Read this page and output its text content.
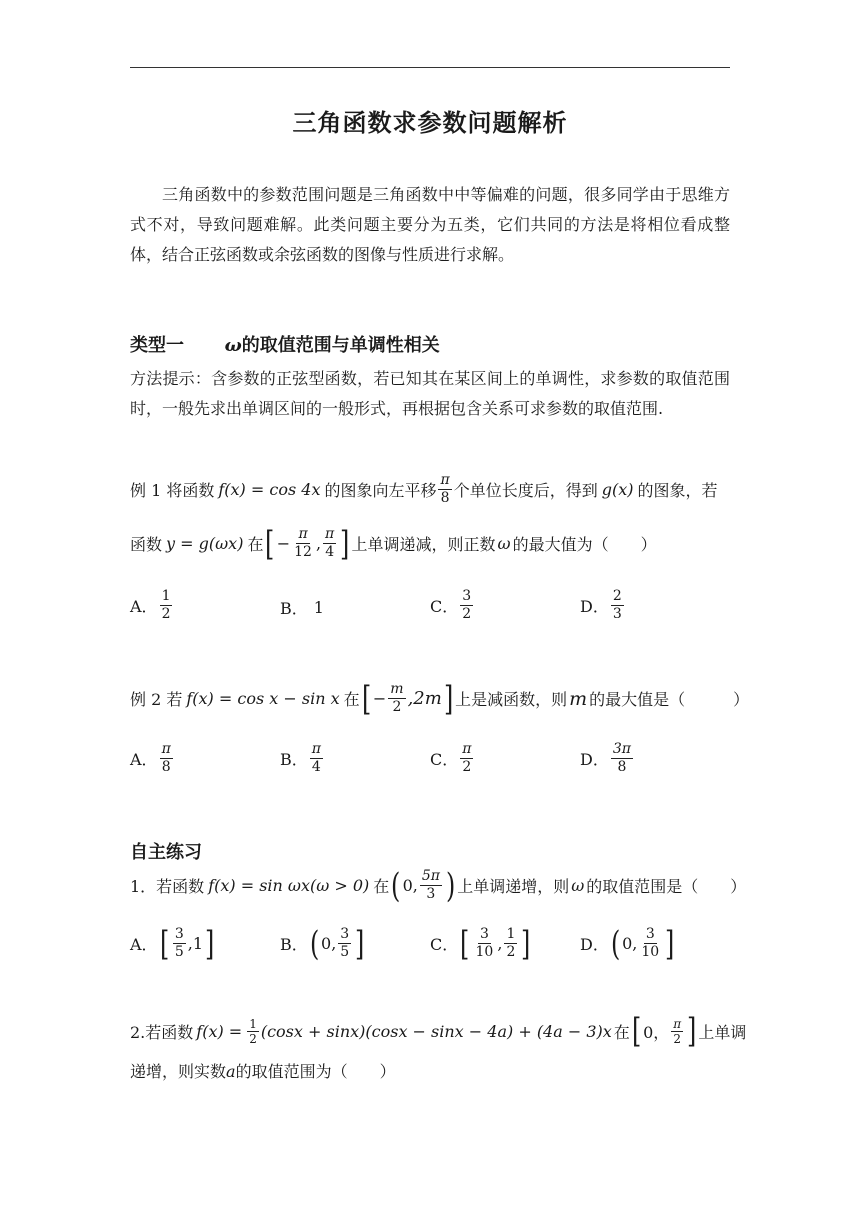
三角函数求参数问题解析
三角函数中的参数范围问题是三角函数中中等偏难的问题，很多同学由于思维方式不对，导致问题难解。此类问题主要分为五类，它们共同的方法是将相位看成整体，结合正弦函数或余弦函数的图像与性质进行求解。
类型一 ω的取值范围与单调性相关
方法提示：含参数的正弦型函数，若已知其在某区间上的单调性，求参数的取值范围时，一般先求出单调区间的一般形式，再根据包含关系可求参数的取值范围.
例 1 将函数 f(x) = cos 4x 的图象向左平移 $\frac{\pi}{8}$ 个单位长度后，得到 g(x) 的图象，若
函数 y = g(ωx) 在 [ − $\frac{\pi}{12}$ , $\frac{\pi}{4}$ ] 上单调递减，则正数 ω 的最大值为（　　）
A． $\frac{1}{2}$	B． 1	C． $\frac{3}{2}$	D． $\frac{2}{3}$
例 2 若 f(x) = cos x − sin x 在 [ − $\frac{m}{2} ,2m$ ] 上是减函数，则 m 的最大值是（　　　）
A． $\frac{\pi}{8}$	B． $\frac{\pi}{4}$	C． $\frac{\pi}{2}$	D． $\frac{3\pi}{8}$
自主练习
1．若函数 f(x) = sin ωx(ω > 0) 在 ( 0, $\frac{5\pi}{3}$ ) 上单调递增，则 ω 的取值范围是（　　）
A． [ $\frac{3}{5} ,1$ ]	B． ( 0, $\frac{3}{5}$ ]	C． [ $\frac{3}{10}$ , $\frac{1}{2}$ ]	D． ( 0, $\frac{3}{10}$ ]
2.若函数 $f(x) = \frac{1}{2} (\cos x + \sin x)(\cos x - \sin x - 4a) + (4a - 3)x$ 在 [ 0， $\frac{\pi}{2}$ ] 上单调
递增，则实数a的取值范围为（　　）
